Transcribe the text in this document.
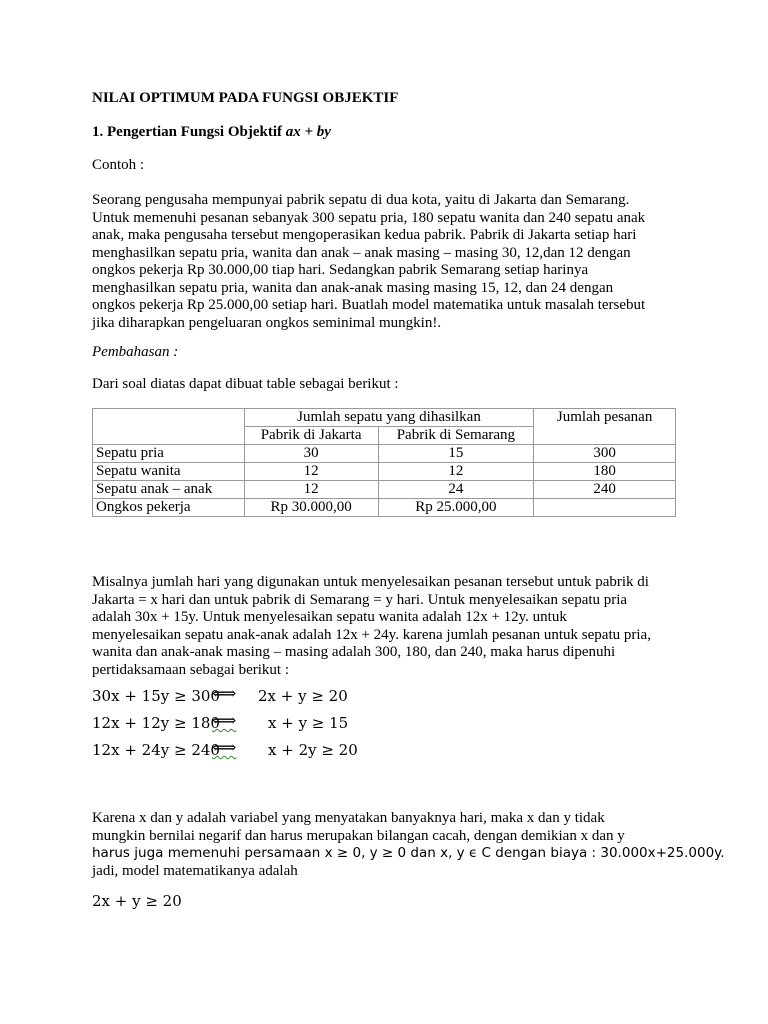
NILAI OPTIMUM PADA FUNGSI OBJEKTIF
1. Pengertian Fungsi Objektif ax + by
Contoh :
Seorang pengusaha mempunyai pabrik sepatu di dua kota, yaitu di Jakarta dan Semarang.
Untuk memenuhi pesanan sebanyak 300 sepatu pria, 180 sepatu wanita dan 240 sepatu anak
anak, maka pengusaha tersebut mengoperasikan kedua pabrik. Pabrik di Jakarta setiap hari
menghasilkan sepatu pria, wanita dan anak – anak masing – masing 30, 12,dan 12 dengan
ongkos pekerja Rp 30.000,00 tiap hari. Sedangkan pabrik Semarang setiap harinya
menghasilkan sepatu pria, wanita dan anak-anak masing masing 15, 12, dan 24 dengan
ongkos pekerja Rp 25.000,00 setiap hari. Buatlah model matematika untuk masalah tersebut
jika diharapkan pengeluaran ongkos seminimal mungkin!.
Pembahasan :
Dari soal diatas dapat dibuat table sebagai berikut :
	Jumlah sepatu yang dihasilkan		Jumlah pesanan
	Pabrik di Jakarta	Pabrik di Semarang	
Sepatu pria	30	15	300
Sepatu wanita	12	12	180
Sepatu anak – anak	12	24	240
Ongkos pekerja	Rp 30.000,00	Rp 25.000,00	
Misalnya jumlah hari yang digunakan untuk menyelesaikan pesanan tersebut untuk pabrik di
Jakarta = x hari dan untuk pabrik di Semarang = y hari. Untuk menyelesaikan sepatu pria
adalah 30x + 15y. Untuk menyelesaikan sepatu wanita adalah 12x + 12y. untuk
menyelesaikan sepatu anak-anak adalah 12x + 24y. karena jumlah pesanan untuk sepatu pria,
wanita dan anak-anak masing – masing adalah 300, 180, dan 240, maka harus dipenuhi
pertidaksamaan sebagai berikut :
30x + 15y ≥ 300
⟺ 2x + y ≥ 20
12x + 12y ≥ 180
⟺ x + y ≥ 15
12x + 24y ≥ 240
⟺ x + 2y ≥ 20
Karena x dan y adalah variabel yang menyatakan banyaknya hari, maka x dan y tidak
mungkin bernilai negarif dan harus merupakan bilangan cacah, dengan demikian x dan y
harus juga memenuhi persamaan x ≥ 0, y ≥ 0 dan x, y ϵ C dengan biaya : 30.000x+25.000y.
jadi, model matematikanya adalah
2x + y ≥ 20
